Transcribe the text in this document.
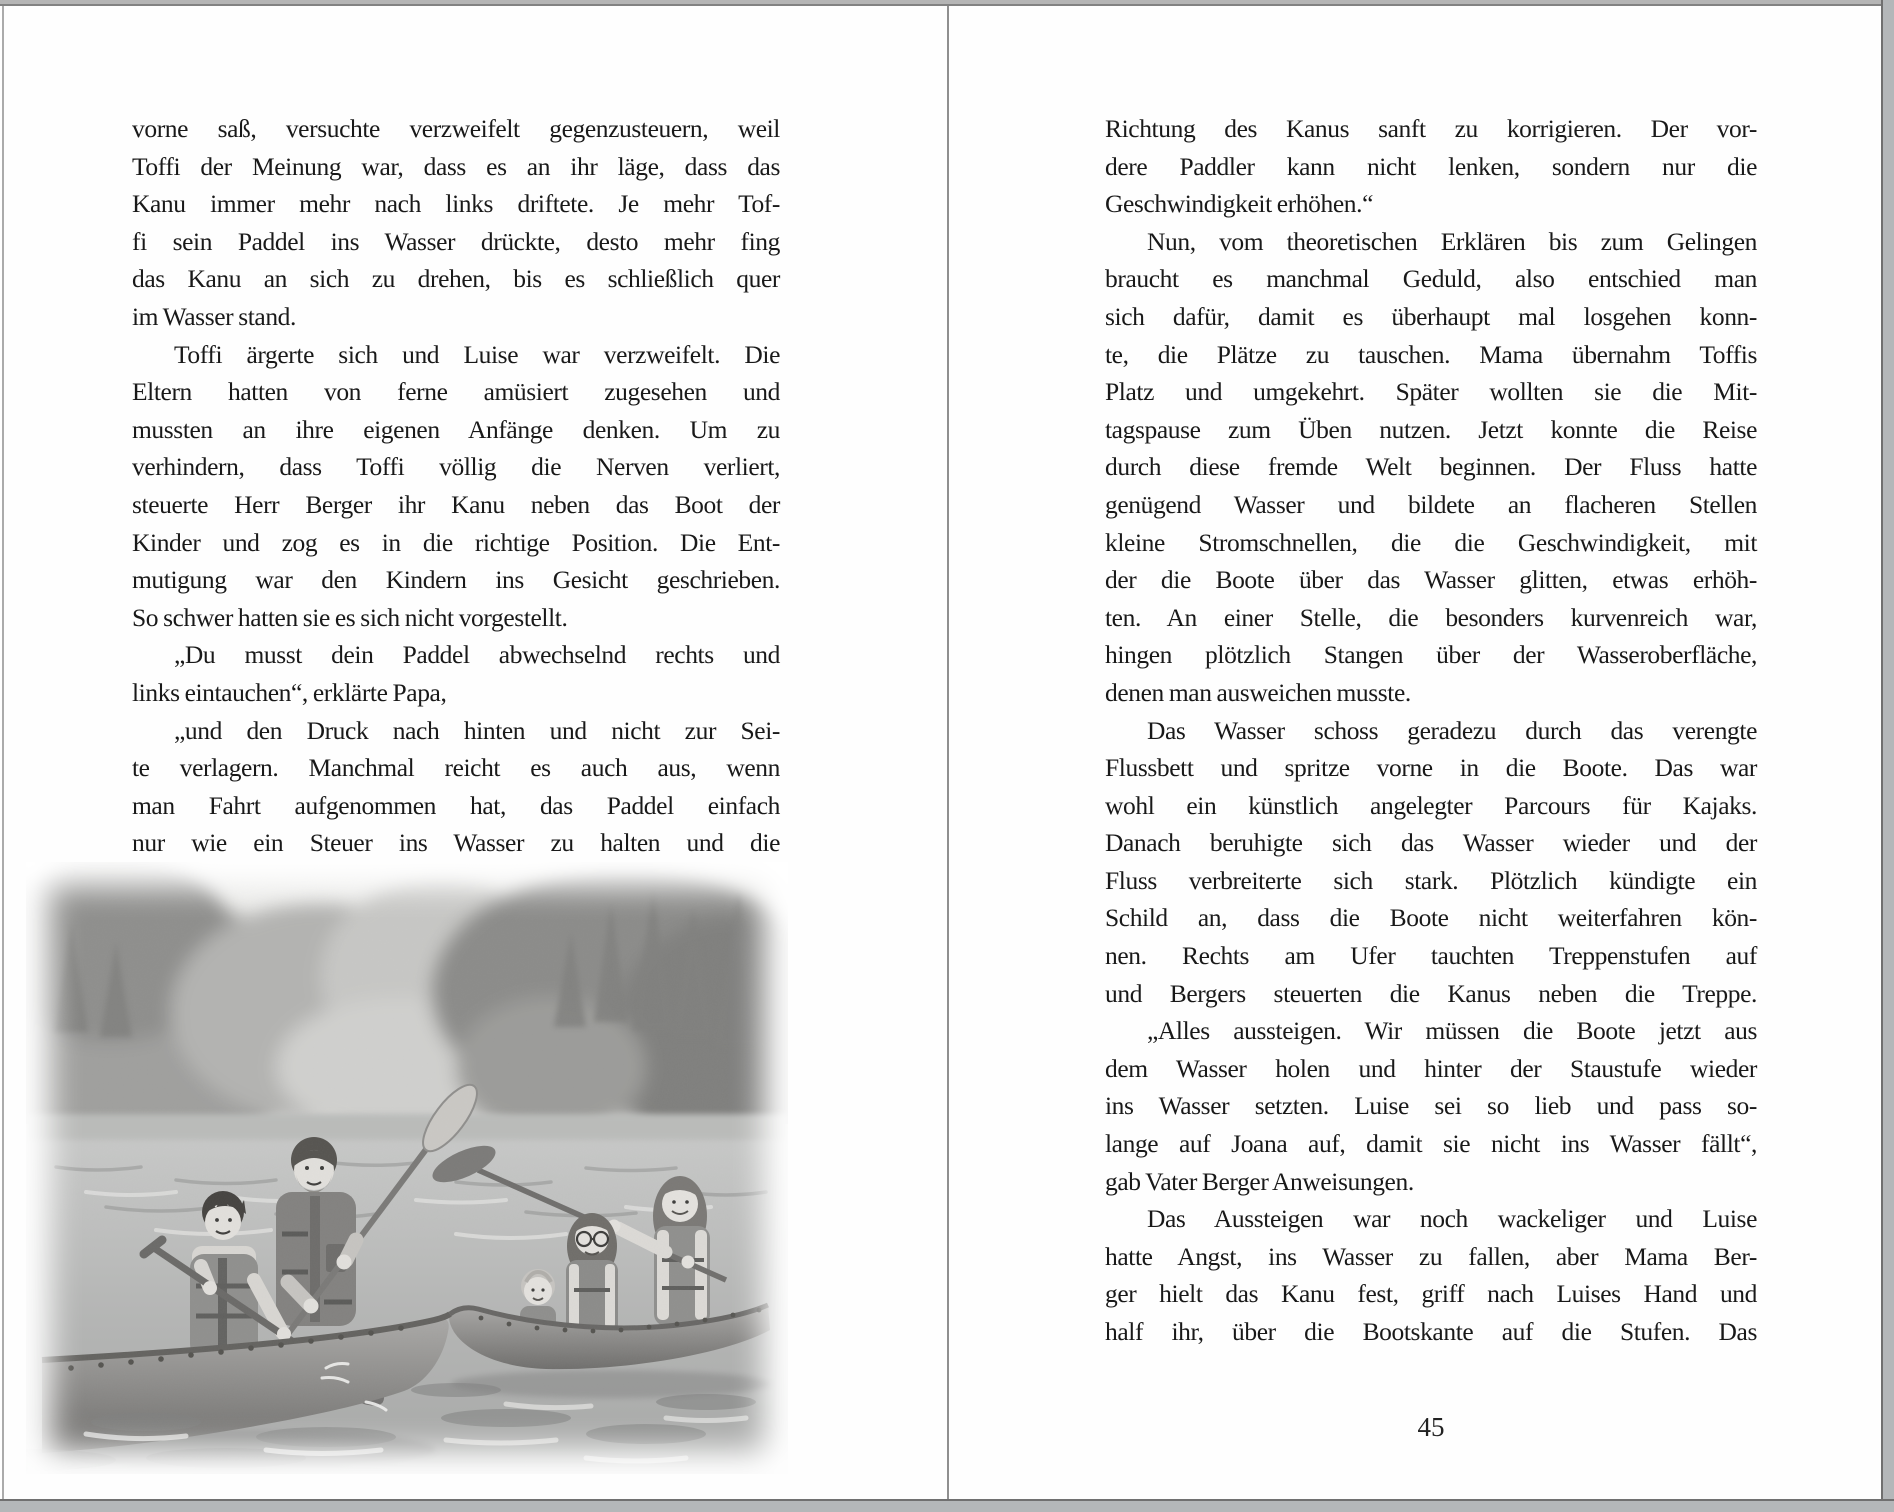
vorne saß, versuchte verzweifelt gegenzusteuern, weil
Toffi der Meinung war, dass es an ihr läge, dass das
Kanu immer mehr nach links driftete. Je mehr Tof-
fi sein Paddel ins Wasser drückte, desto mehr fing
das Kanu an sich zu drehen, bis es schließlich quer
im Wasser stand.
Toffi ärgerte sich und Luise war verzweifelt. Die
Eltern hatten von ferne amüsiert zugesehen und
mussten an ihre eigenen Anfänge denken. Um zu
verhindern, dass Toffi völlig die Nerven verliert,
steuerte Herr Berger ihr Kanu neben das Boot der
Kinder und zog es in die richtige Position. Die Ent-
mutigung war den Kindern ins Gesicht geschrieben.
So schwer hatten sie es sich nicht vorgestellt.
„Du musst dein Paddel abwechselnd rechts und
links eintauchen“, erklärte Papa,
„und den Druck nach hinten und nicht zur Sei-
te verlagern. Manchmal reicht es auch aus, wenn
man Fahrt aufgenommen hat, das Paddel einfach
nur wie ein Steuer ins Wasser zu halten und die
Richtung des Kanus sanft zu korrigieren. Der vor-
dere Paddler kann nicht lenken, sondern nur die
Geschwindigkeit erhöhen.“
Nun, vom theoretischen Erklären bis zum Gelingen
braucht es manchmal Geduld, also entschied man
sich dafür, damit es überhaupt mal losgehen konn-
te, die Plätze zu tauschen. Mama übernahm Toffis
Platz und umgekehrt. Später wollten sie die Mit-
tagspause zum Üben nutzen. Jetzt konnte die Reise
durch diese fremde Welt beginnen. Der Fluss hatte
genügend Wasser und bildete an flacheren Stellen
kleine Stromschnellen, die die Geschwindigkeit, mit
der die Boote über das Wasser glitten, etwas erhöh-
ten. An einer Stelle, die besonders kurvenreich war,
hingen plötzlich Stangen über der Wasseroberfläche,
denen man ausweichen musste.
Das Wasser schoss geradezu durch das verengte
Flussbett und spritze vorne in die Boote. Das war
wohl ein künstlich angelegter Parcours für Kajaks.
Danach beruhigte sich das Wasser wieder und der
Fluss verbreiterte sich stark. Plötzlich kündigte ein
Schild an, dass die Boote nicht weiterfahren kön-
nen. Rechts am Ufer tauchten Treppenstufen auf
und Bergers steuerten die Kanus neben die Treppe.
„Alles aussteigen. Wir müssen die Boote jetzt aus
dem Wasser holen und hinter der Staustufe wieder
ins Wasser setzten. Luise sei so lieb und pass so-
lange auf Joana auf, damit sie nicht ins Wasser fällt“,
gab Vater Berger Anweisungen.
Das Aussteigen war noch wackeliger und Luise
hatte Angst, ins Wasser zu fallen, aber Mama Ber-
ger hielt das Kanu fest, griff nach Luises Hand und
half ihr, über die Bootskante auf die Stufen. Das
45
